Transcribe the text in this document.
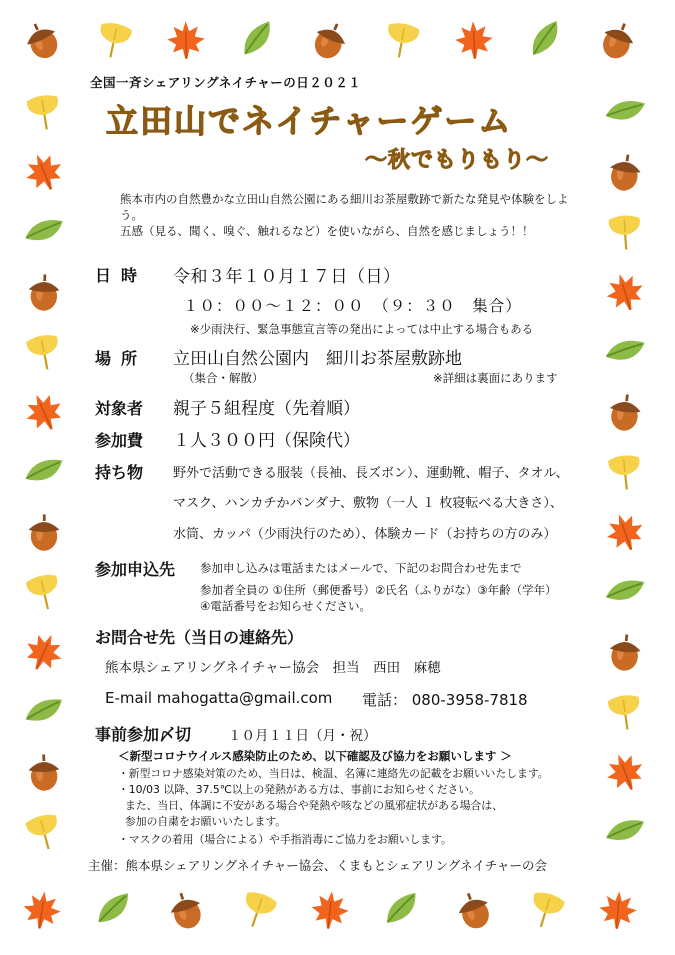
全国一斉シェアリングネイチャーの日２０２１
立田山でネイチャーゲーム
〜秋でもりもり〜
熊本市内の自然豊かな立田山自然公園にある細川お茶屋敷跡で新たな発見や体験をしよう。
五感（見る、聞く、嗅ぐ、触れるなど）を使いながら、自然を感じましょう！！
日時 令和３年１０月１７日（日）
１０：００〜１２：００　（９：３０　集合）
※少雨決行、緊急事態宣言等の発出によっては中止する場合もある
場所 立田山自然公園内　細川お茶屋敷跡地
（集合・解散）	※詳細は裏面にあります
対象者 親子５組程度（先着順）
参加費 １人３００円（保険代）
持ち物 野外で活動できる服装（長袖、長ズボン）、運動靴、帽子、タオル、
マスク、ハンカチかバンダナ、敷物（一人 １ 枚寝転べる大きさ）、
水筒、カッパ（少雨決行のため）、体験カード（お持ちの方のみ）
参加申込先 参加申し込みは電話またはメールで、下記のお問合わせ先まで
参加者全員の ①住所（郵便番号）②氏名（ふりがな）③年齢（学年）
④電話番号をお知らせください。
お問合せ先（当日の連絡先）
熊本県シェアリングネイチャー協会　担当　西田　麻穂
E-mail mahogatta@gmail.com 電話： 080-3958-7818
事前参加〆切	１０月１１日（月・祝）
＜新型コロナウイルス感染防止のため、以下確認及び協力をお願いします ＞
・新型コロナ感染対策のため、当日は、検温、名簿に連絡先の記載をお願いいたします。
・10/03 以降、37.5℃以上の発熱がある方は、事前にお知らせください。
また、当日、体調に不安がある場合や発熱や咳などの風邪症状がある場合は、
参加の自粛をお願いいたします。
・マスクの着用（場合による）や手指消毒にご協力をお願いします。
主催：熊本県シェアリングネイチャー協会、くまもとシェアリングネイチャーの会
